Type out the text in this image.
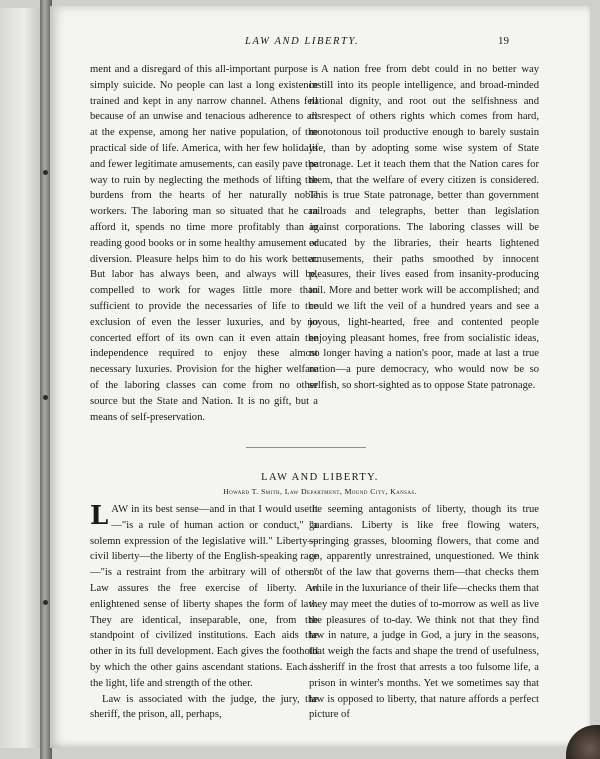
LAW AND LIBERTY.	19

ment and a disregard of this all-important purpose is simply suicide. No people can last a long existence trained and kept in any narrow channel. Athens fell because of an unwise and tenacious adherence to art at the expense, among her native population, of the practical side of life. America, with her few holidays and fewer legitimate amusements, can easily pave the way to ruin by neglecting the methods of lifting the burdens from the hearts of her naturally noble workers. The laboring man so situated that he can afford it, spends no time more profitably than in reading good books or in some healthy amusement or diversion. Pleasure helps him to do his work better. But labor has always been, and always will be, compelled to work for wages little more than sufficient to provide the necessaries of life to the exclusion of even the lesser luxuries, and by no concerted effort of its own can it even attain the independence required to enjoy these almost necessary luxuries. Provision for the higher welfare of the laboring classes can come from no other source but the State and Nation. It is no gift, but a means of self-preservation.

A nation free from debt could in no better way instill into its people intelligence, and broad-minded national dignity, and root out the selfishness and disrespect of others rights which comes from hard, monotonous toil productive enough to barely sustain life, than by adopting some wise system of State patronage. Let it teach them that the Nation cares for them, that the welfare of every citizen is considered. This is true State patronage, better than government railroads and telegraphs, better than legislation against corporations. The laboring classes will be educated by the libraries, their hearts lightened amusements, their paths smoothed by innocent pleasures, their lives eased from insanity-producing toil. More and better work will be accomplished; and could we lift the veil of a hundred years and see a joyous, light-hearted, free and contented people enjoying pleasant homes, free from socialistic ideas, no longer having a nation's poor, made at last a true nation—a pure democracy, who would now be so selfish, so short-sighted as to oppose State patronage.

LAW AND LIBERTY.
Howard T. Smith, Law Department, Mound City, Kansas.

LAW in its best sense—and in that I would use it—"is a rule of human action or conduct," "a solemn expression of the legislative will." Liberty—civil liberty—the liberty of the English-speaking race—"is a restraint from the arbitrary will of others." Law assures the free exercise of liberty. An enlightened sense of liberty shapes the form of law. They are identical, inseparable, one, from the standpoint of civilized institutions. Each aids the other in its full development. Each gives the foothold by which the other gains ascendant stations. Each is the light, life and strength of the other.

Law is associated with the judge, the jury, the sheriff, the prison, all, perhaps,

the seeming antagonists of liberty, though its true guardians. Liberty is like free flowing waters, springing grasses, blooming flowers, that come and go, apparently unrestrained, unquestioned. We think not of the law that governs them—that checks them while in the luxuriance of their life—checks them that they may meet the duties of to-morrow as well as live the pleasures of to-day. We think not that they find law in nature, a judge in God, a jury in the seasons, that weigh the facts and shape the trend of usefulness, a sheriff in the frost that arrests a too fulsome life, a prison in winter's months. Yet we sometimes say that law is opposed to liberty, that nature affords a perfect picture of
